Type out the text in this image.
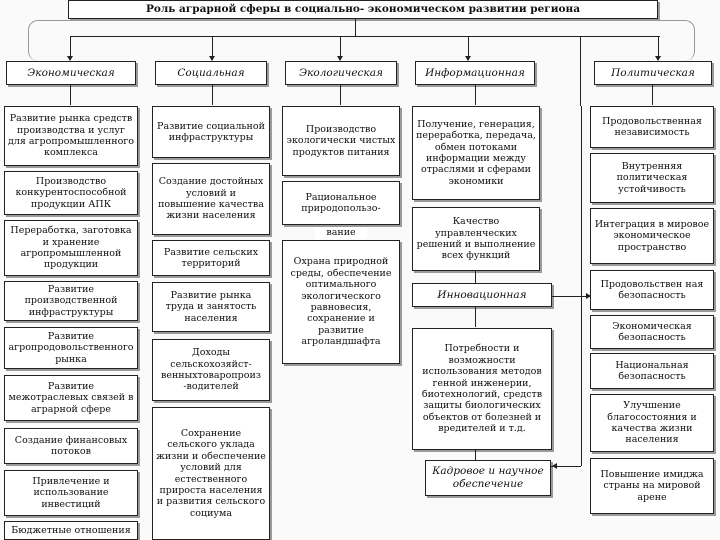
Роль аграрной сферы в социально- экономическом развитии региона
Экономическая	Социальная	Экологическая	Информационная	Политическая
Развитие рынка средств производства и услуг для агропромышленного комплекса
Производство конкурентоспособной продукции АПК
Переработка, заготовка и хранение агропромышленной продукции
Развитие производственной инфраструктуры
Развитие агропродовольственного рынка
Развитие межотраслевых связей в аграрной сфере
Создание финансовых потоков
Привлечение и использование инвестиций
Бюджетные отношения
Развитие социальной инфраструктуры
Создание достойных условий и повышение качества жизни населения
Развитие сельских территорий
Развитие рынка труда и занятость населения
Доходы сельскохозяйст-венныхтоваропроиз -водителей
Сохранение сельского уклада жизни и обеспечение условий для естественного прироста населения и развития сельского социума
Производство экологически чистых продуктов питания
Рациональное природопользо-
вание
Охрана природной среды, обеспечение оптимального экологического равновесия, сохранение и развитие агроландшафта
Получение, генерация, переработка, передача, обмен потоками информации между отраслями и сферами экономики
Качество управленческих решений и выполнение всех функций
Инновационная
Потребности и возможности использования методов генной инженерии, биотехнологий, средств защиты биологических объектов от болезней и вредителей и т.д.
Кадровое и научное обеспечение
Продовольственная независимость
Внутренняя политическая устойчивость
Интеграция в мировое экономическое пространство
Продовольствен ная безопасность
Экономическая безопасность
Национальная безопасность
Улучшение благосостояния и качества жизни населения
Повышение имиджа страны на мировой арене
